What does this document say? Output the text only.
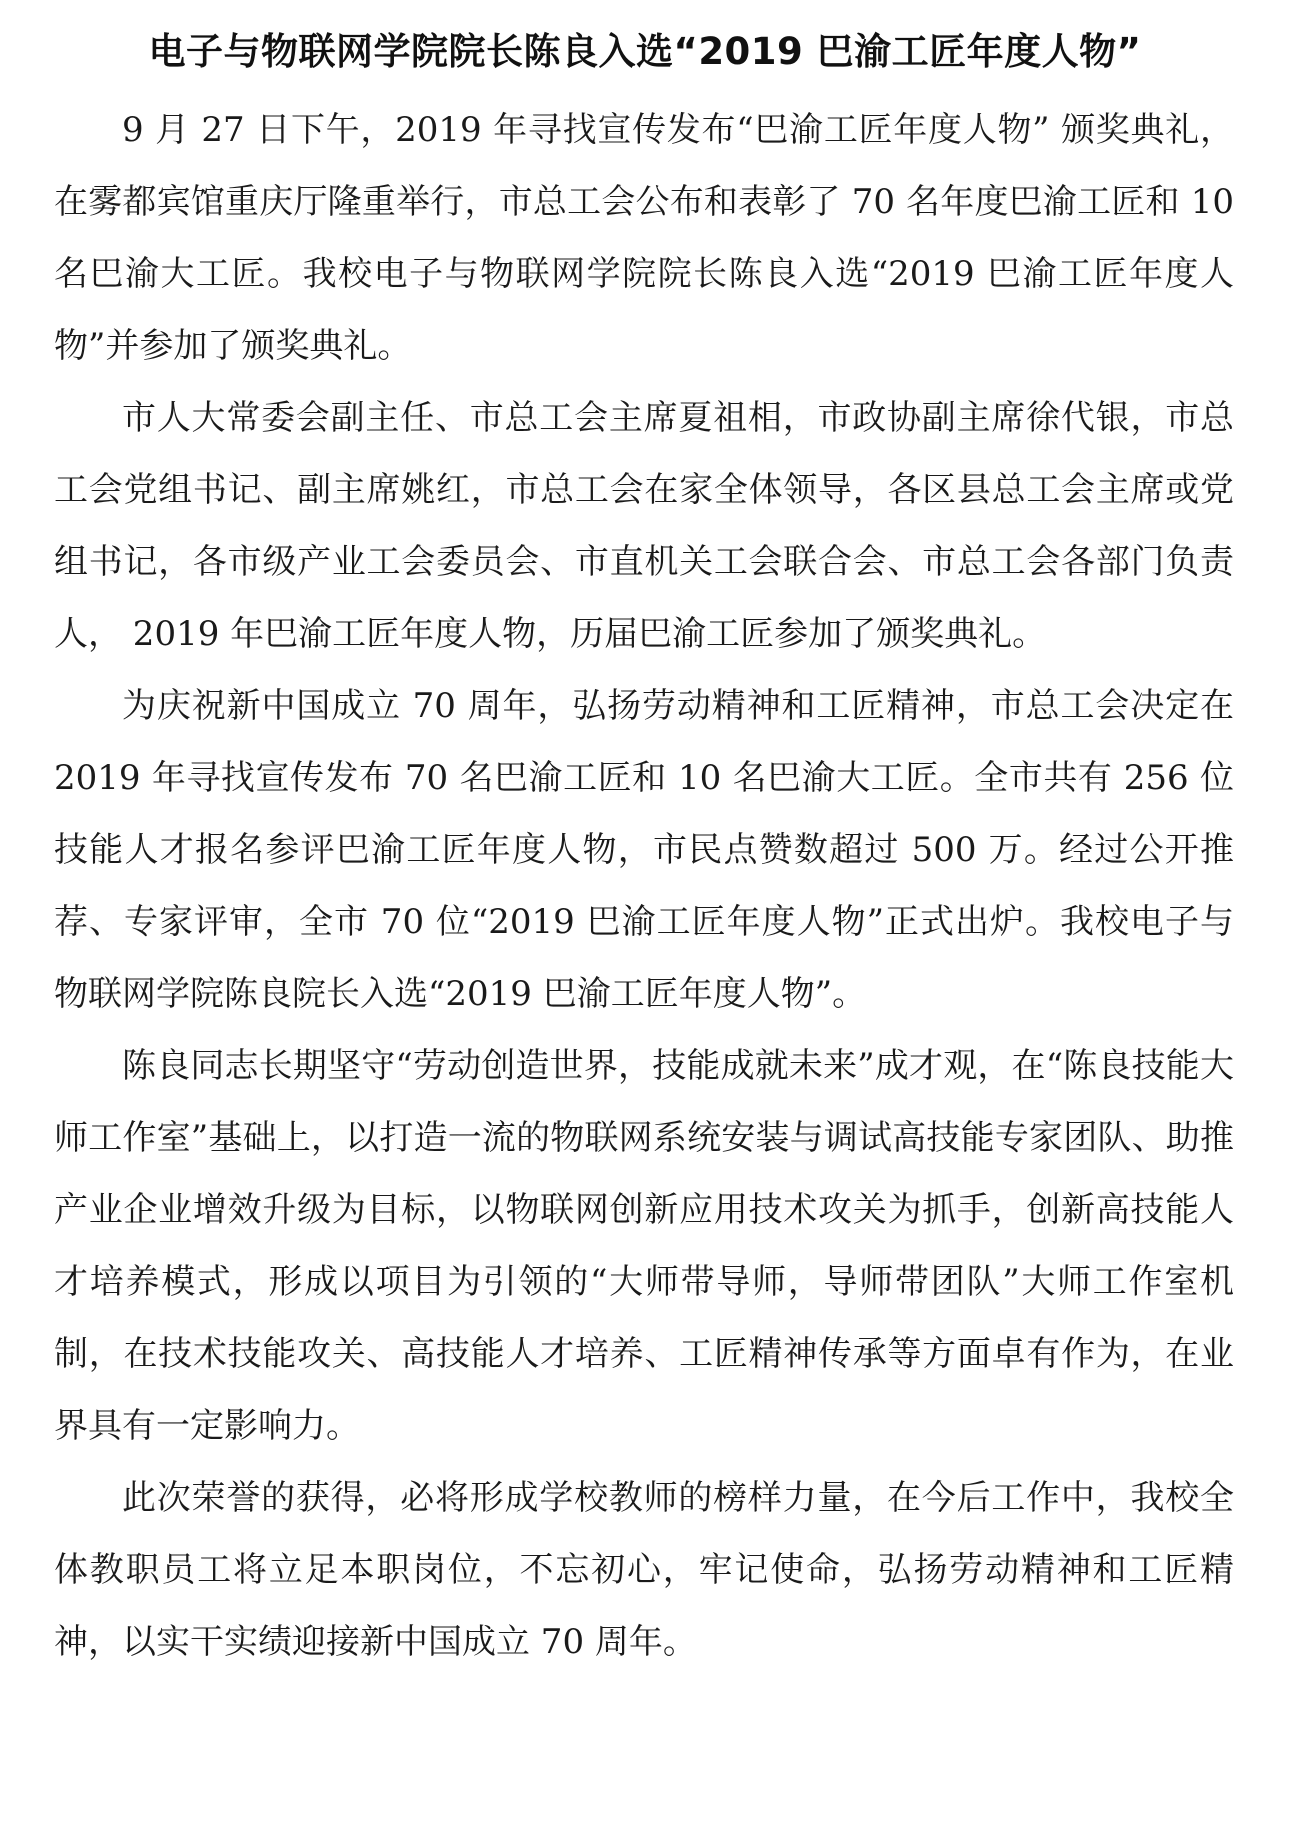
电子与物联网学院院长陈良入选“2019 巴渝工匠年度人物”

9 月 27 日下午，2019 年寻找宣传发布“巴渝工匠年度人物” 颁奖典礼，在雾都宾馆重庆厅隆重举行，市总工会公布和表彰了 70 名年度巴渝工匠和 10 名巴渝大工匠。我校电子与物联网学院院长陈良入选“2019 巴渝工匠年度人物”并参加了颁奖典礼。

市人大常委会副主任、市总工会主席夏祖相，市政协副主席徐代银，市总工会党组书记、副主席姚红，市总工会在家全体领导，各区县总工会主席或党组书记，各市级产业工会委员会、市直机关工会联合会、市总工会各部门负责人， 2019 年巴渝工匠年度人物，历届巴渝工匠参加了颁奖典礼。

为庆祝新中国成立 70 周年，弘扬劳动精神和工匠精神，市总工会决定在 2019 年寻找宣传发布 70 名巴渝工匠和 10 名巴渝大工匠。全市共有 256 位技能人才报名参评巴渝工匠年度人物，市民点赞数超过 500 万。经过公开推荐、专家评审，全市 70 位“2019 巴渝工匠年度人物”正式出炉。我校电子与物联网学院陈良院长入选“2019 巴渝工匠年度人物”。

陈良同志长期坚守“劳动创造世界，技能成就未来”成才观，在“陈良技能大师工作室”基础上，以打造一流的物联网系统安装与调试高技能专家团队、助推产业企业增效升级为目标，以物联网创新应用技术攻关为抓手，创新高技能人才培养模式，形成以项目为引领的“大师带导师，导师带团队”大师工作室机制，在技术技能攻关、高技能人才培养、工匠精神传承等方面卓有作为，在业界具有一定影响力。

此次荣誉的获得，必将形成学校教师的榜样力量，在今后工作中，我校全体教职员工将立足本职岗位，不忘初心，牢记使命，弘扬劳动精神和工匠精神，以实干实绩迎接新中国成立 70 周年。
